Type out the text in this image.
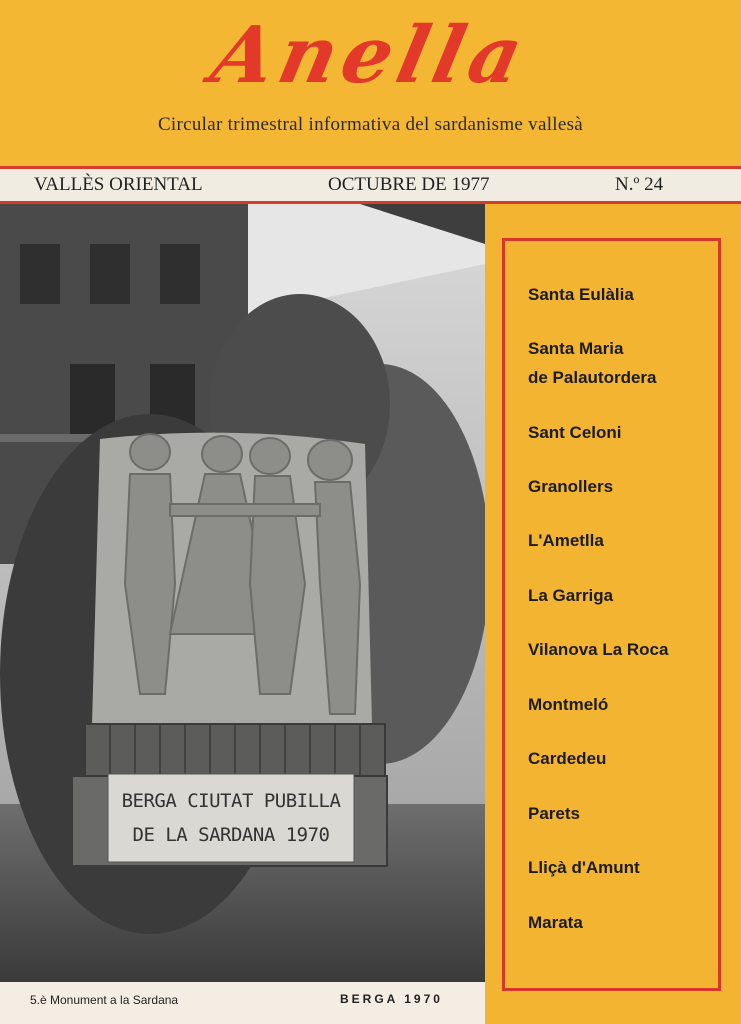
Anella
Circular trimestral informativa del sardanisme vallesà
VALLÈS ORIENTAL	OCTUBRE DE 1977	N.º 24
BERGA CIUTAT PUBILLA
DE LA SARDANA 1970
5.è Monument a la Sardana	BERGA 1970
Santa Eulàlia
Santa Maria
de Palautordera
Sant Celoni
Granollers
L'Ametlla
La Garriga
Vilanova La Roca
Montmeló
Cardedeu
Parets
Lliçà d'Amunt
Marata
